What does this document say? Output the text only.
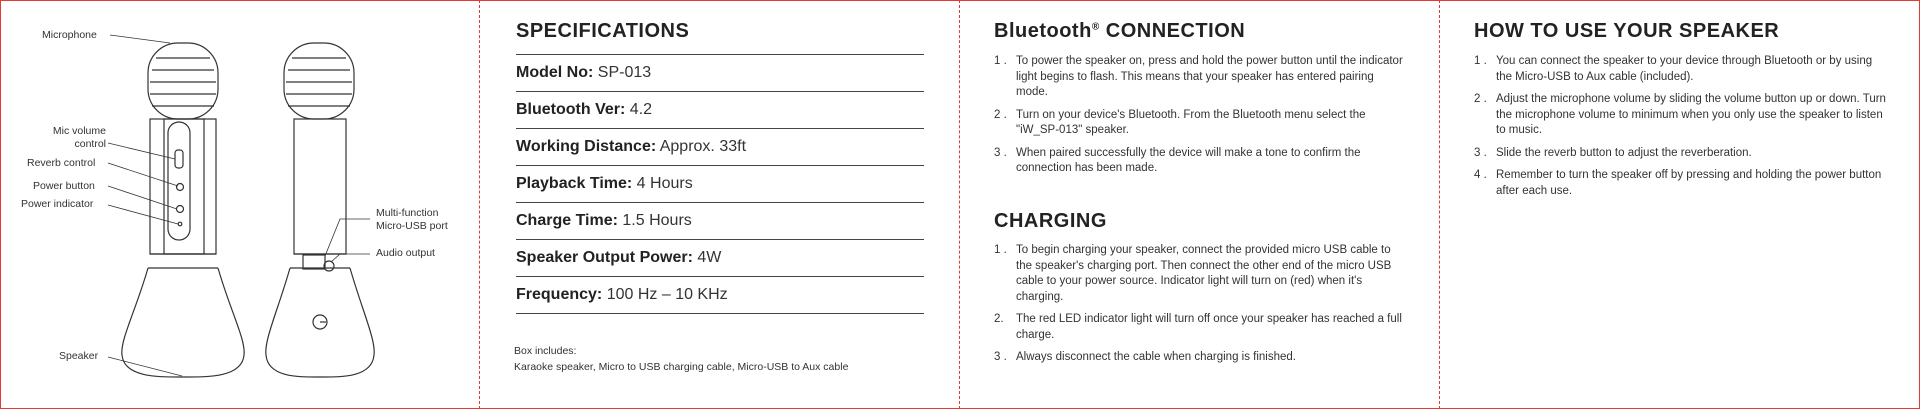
Microphone
Mic volume
control
Reverb control
Power button
Power indicator
Speaker
Multi-function
Micro-USB port
Audio output
SPECIFICATIONS
Model No: SP-013
Bluetooth Ver: 4.2
Working Distance: Approx. 33ft
Playback Time: 4 Hours
Charge Time: 1.5 Hours
Speaker Output Power: 4W
Frequency: 100 Hz – 10 KHz
Box includes:
Karaoke speaker, Micro to USB charging cable, Micro-USB to Aux cable
Bluetooth® CONNECTION
1 . To power the speaker on, press and hold the power button until the indicator light begins to flash. This means that your speaker has entered pairing mode.
2 . Turn on your device's Bluetooth. From the Bluetooth menu select the "iW_SP-013" speaker.
3 . When paired successfully the device will make a tone to confirm the connection has been made.
CHARGING
1 . To begin charging your speaker, connect the provided micro USB cable to the speaker's charging port. Then connect the other end of the micro USB cable to your power source. Indicator light will turn on (red) when it's charging.
2. The red LED indicator light will turn off once your speaker has reached a full charge.
3 . Always disconnect the cable when charging is finished.
HOW TO USE YOUR SPEAKER
1 . You can connect the speaker to your device through Bluetooth or by using the Micro-USB to Aux cable (included).
2 . Adjust the microphone volume by sliding the volume button up or down. Turn the microphone volume to minimum when you only use the speaker to listen to music.
3 . Slide the reverb button to adjust the reverberation.
4 . Remember to turn the speaker off by pressing and holding the power button after each use.
